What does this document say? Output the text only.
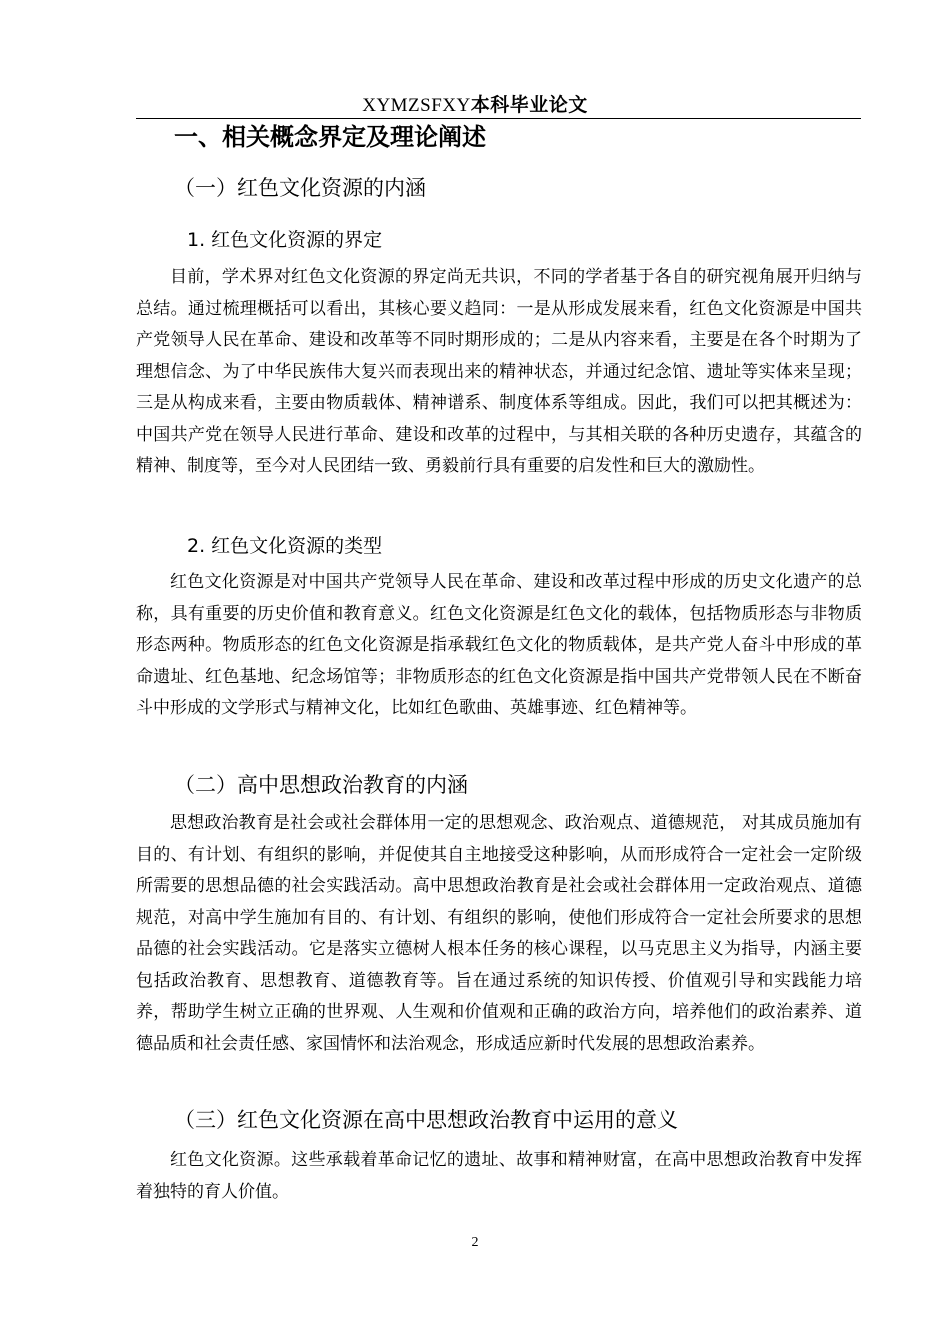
XYMZSFXY本科毕业论文
一、相关概念界定及理论阐述
（一）红色文化资源的内涵
1. 红色文化资源的界定

目前，学术界对红色文化资源的界定尚无共识，不同的学者基于各自的研究视角展开归纳与总结。通过梳理概括可以看出，其核心要义趋同：一是从形成发展来看，红色文化资源是中国共产党领导人民在革命、建设和改革等不同时期形成的；二是从内容来看，主要是在各个时期为了理想信念、为了中华民族伟大复兴而表现出来的精神状态，并通过纪念馆、遗址等实体来呈现；三是从构成来看，主要由物质载体、精神谱系、制度体系等组成。因此，我们可以把其概述为：中国共产党在领导人民进行革命、建设和改革的过程中，与其相关联的各种历史遗存，其蕴含的精神、制度等，至今对人民团结一致、勇毅前行具有重要的启发性和巨大的激励性。

2. 红色文化资源的类型

红色文化资源是对中国共产党领导人民在革命、建设和改革过程中形成的历史文化遗产的总称，具有重要的历史价值和教育意义。红色文化资源是红色文化的载体，包括物质形态与非物质形态两种。物质形态的红色文化资源是指承载红色文化的物质载体，是共产党人奋斗中形成的革命遗址、红色基地、纪念场馆等；非物质形态的红色文化资源是指中国共产党带领人民在不断奋斗中形成的文学形式与精神文化，比如红色歌曲、英雄事迹、红色精神等。

（二）高中思想政治教育的内涵

思想政治教育是社会或社会群体用一定的思想观念、政治观点、道德规范， 对其成员施加有目的、有计划、有组织的影响，并促使其自主地接受这种影响，从而形成符合一定社会一定阶级所需要的思想品德的社会实践活动。高中思想政治教育是社会或社会群体用一定政治观点、道德规范，对高中学生施加有目的、有计划、有组织的影响，使他们形成符合一定社会所要求的思想品德的社会实践活动。它是落实立德树人根本任务的核心课程，以马克思主义为指导，内涵主要包括政治教育、思想教育、道德教育等。旨在通过系统的知识传授、价值观引导和实践能力培养，帮助学生树立正确的世界观、人生观和价值观和正确的政治方向，培养他们的政治素养、道德品质和社会责任感、家国情怀和法治观念，形成适应新时代发展的思想政治素养。

（三）红色文化资源在高中思想政治教育中运用的意义

红色文化资源。这些承载着革命记忆的遗址、故事和精神财富，在高中思想政治教育中发挥着独特的育人价值。

2
